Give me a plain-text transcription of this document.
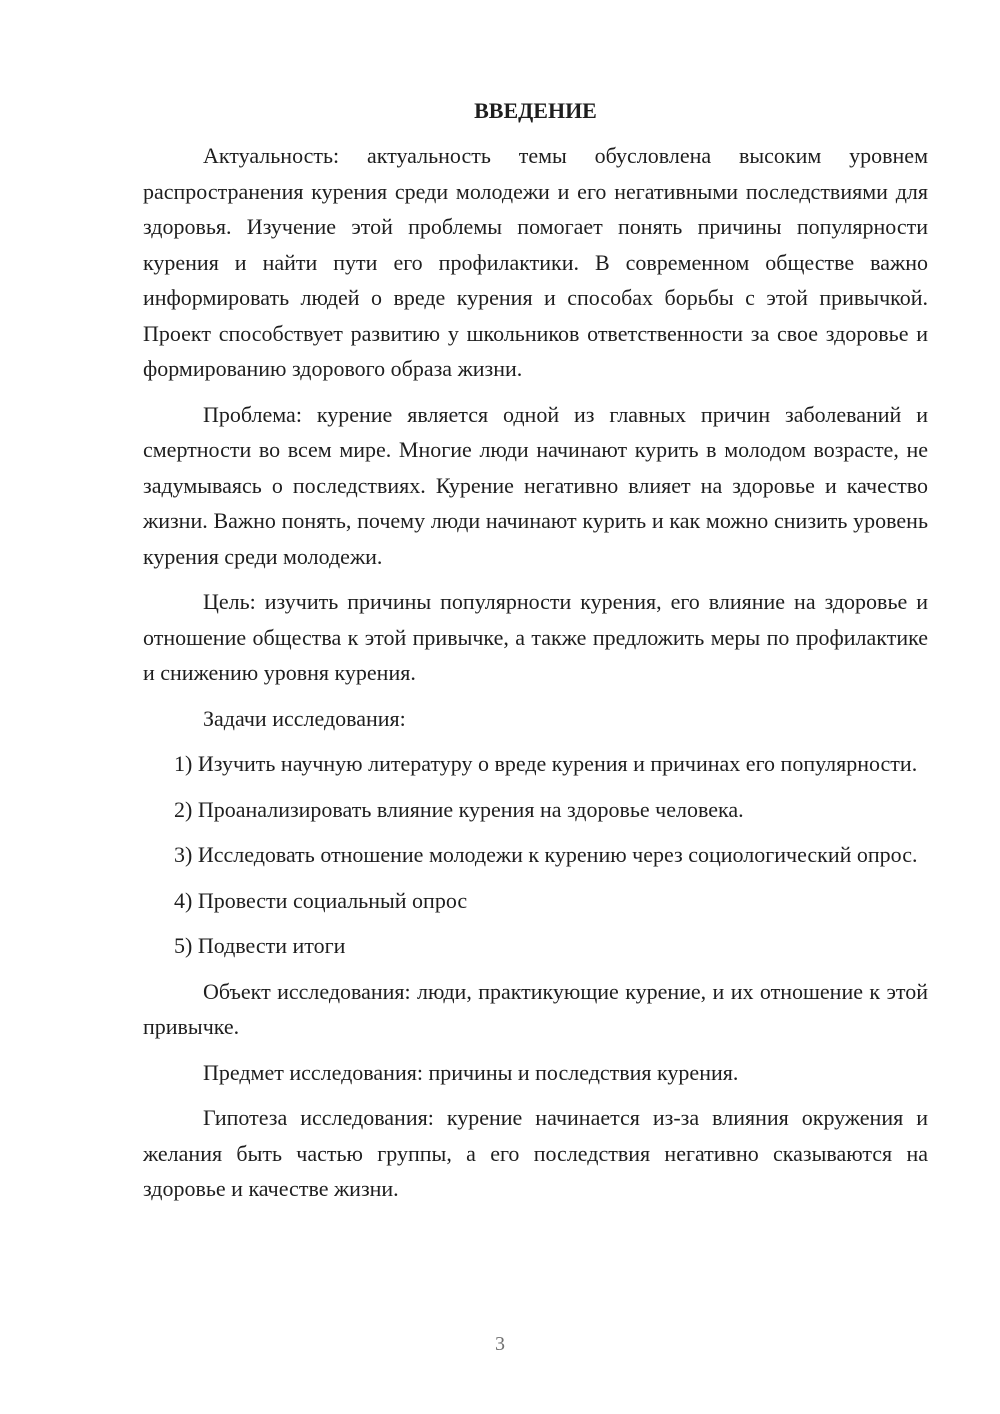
ВВЕДЕНИЕ

Актуальность: актуальность темы обусловлена высоким уровнем распространения курения среди молодежи и его негативными последствиями для здоровья. Изучение этой проблемы помогает понять причины популярности курения и найти пути его профилактики. В современном обществе важно информировать людей о вреде курения и способах борьбы с этой привычкой. Проект способствует развитию у школьников ответственности за свое здоровье и формированию здорового образа жизни.

Проблема: курение является одной из главных причин заболеваний и смертности во всем мире. Многие люди начинают курить в молодом возрасте, не задумываясь о последствиях. Курение негативно влияет на здоровье и качество жизни. Важно понять, почему люди начинают курить и как можно снизить уровень курения среди молодежи.

Цель: изучить причины популярности курения, его влияние на здоровье и отношение общества к этой привычке, а также предложить меры по профилактике и снижению уровня курения.

Задачи исследования:

1) Изучить научную литературу о вреде курения и причинах его популярности.

2) Проанализировать влияние курения на здоровье человека.

3) Исследовать отношение молодежи к курению через социологический опрос.

4) Провести социальный опрос

5) Подвести итоги

Объект исследования: люди, практикующие курение, и их отношение к этой привычке.

Предмет исследования: причины и последствия курения.

Гипотеза исследования: курение начинается из-за влияния окружения и желания быть частью группы, а его последствия негативно сказываются на здоровье и качестве жизни.

3
